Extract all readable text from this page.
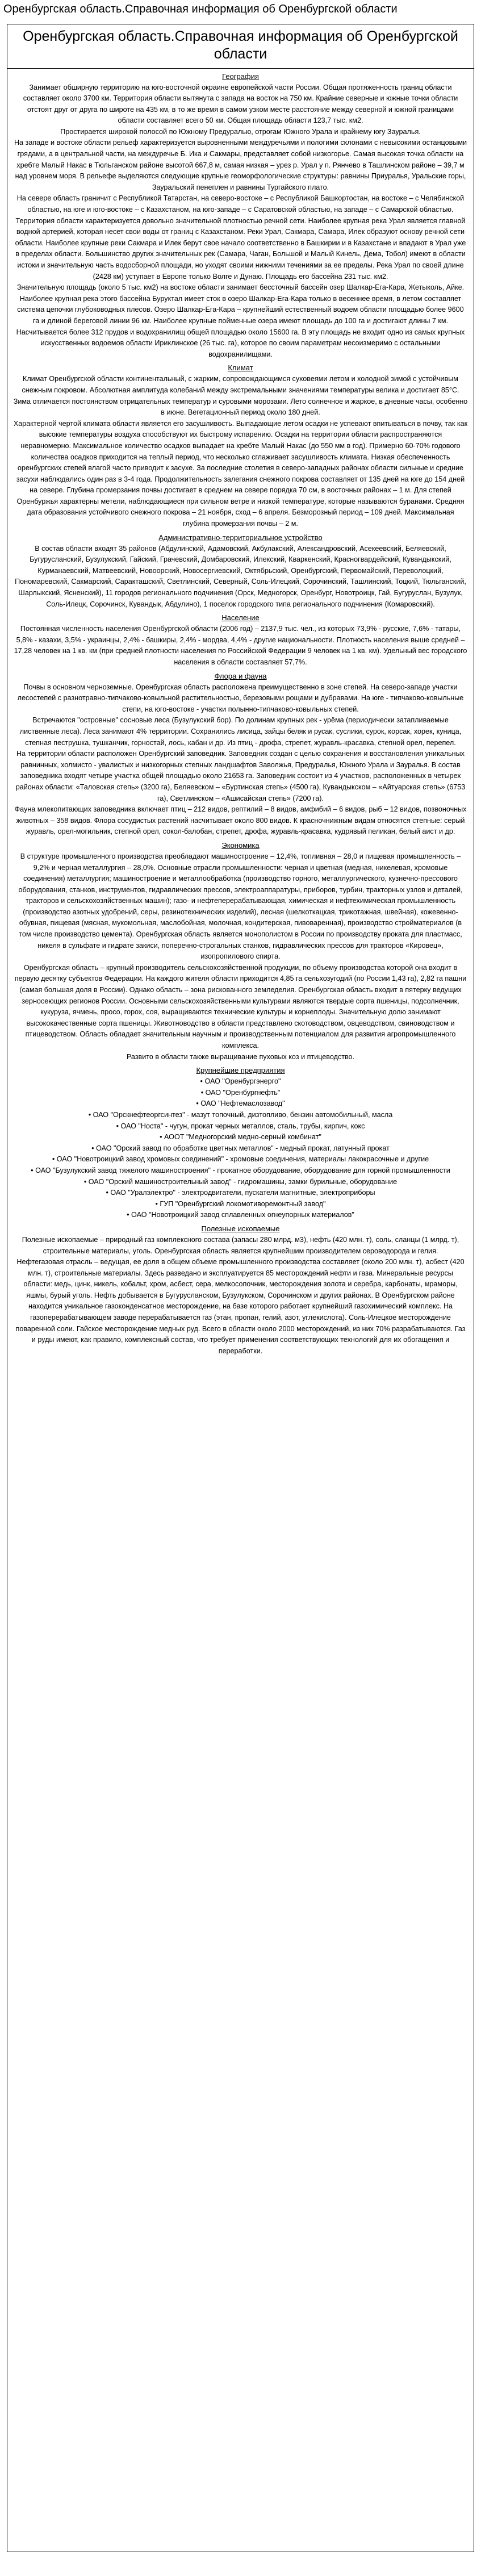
Оренбургская область.Справочная информация об Оренбургской области
Оренбургская область.Справочная информация об Оренбургской области
География

Занимает обширную территорию на юго-восточной окраине европейской части России. Общая протяженность границ области составляет около 3700 км. Территория области вытянута с запада на восток на 750 км. Крайние северные и южные точки области отстоят друг от друга по широте на 435 км, в то же время в самом узком месте расстояние между северной и южной границами области составляет всего 50 км. Общая площадь области 123,7 тыс. км2.

Простирается широкой полосой по Южному Предуралью, отрогам Южного Урала и крайнему югу Зауралья.

На западе и востоке области рельеф характеризуется выровненными междуречьями и пологими склонами с невысокими останцовыми грядами, а в центральной части, на междуречье Б. Ика и Сакмары, представляет собой низкогорье. Самая высокая точка области на хребте Малый Накас в Тюльганском районе высотой 667,8 м, самая низкая – урез р. Урал у п. Рянчево в Ташлинском районе – 39,7 м над уровнем моря. В рельефе выделяются следующие крупные геоморфологические структуры: равнины Приуралья, Уральские горы, Зауральский пенеплен и равнины Тургайского плато.

На севере область граничит с Республикой Татарстан, на северо-востоке – с Республикой Башкортостан, на востоке – с Челябинской областью, на юге и юго-востоке – с Казахстаном, на юго-западе – с Саратовской областью, на западе – с Самарской областью.

Территория области характеризуется довольно значительной плотностью речной сети. Наиболее крупная река Урал является главной водной артерией, которая несет свои воды от границ с Казахстаном. Реки Урал, Сакмара, Самара, Илек образуют основу речной сети области. Наиболее крупные реки Сакмара и Илек берут свое начало соответственно в Башкирии и в Казахстане и впадают в Урал уже в пределах области. Большинство других значительных рек (Самара, Чаган, Большой и Малый Кинель, Дема, Тобол) имеют в области истоки и значительную часть водосборной площади, но уходят своими нижними течениями за ее пределы. Река Урал по своей длине (2428 км) уступает в Европе только Волге и Дунаю. Площадь его бассейна 231 тыс. км2.

Значительную площадь (около 5 тыс. км2) на востоке области занимает бессточный бассейн озер Шалкар-Ега-Кара, Жетыколь, Айке. Наиболее крупная река этого бассейна Буруктал имеет сток в озеро Шалкар-Ега-Кара только в весеннее время, в летом составляет система цепочки глубоководных плесов. Озеро Шалкар-Ега-Кара – крупнейший естественный водоем области площадью более 9600 га и длиной береговой линии 96 км. Наиболее крупные пойменные озера имеют площадь до 100 га и достигают длины 7 км. Насчитывается более 312 прудов и водохранилищ общей площадью около 15600 га. В эту площадь не входит одно из самых крупных искусственных водоемов области Ириклинское (26 тыс. га), которое по своим параметрам несоизмеримо с остальными водохранилищами.

Климат

Климат Оренбургской области континентальный, с жарким, сопровождающимся суховеями летом и холодной зимой с устойчивым снежным покровом. Абсолютная амплитуда колебаний между экстремальными значениями температуры велика и достигает 85°С. Зима отличается постоянством отрицательных температур и суровыми морозами. Лето солнечное и жаркое, в дневные часы, особенно в июне. Вегетационный период около 180 дней.

Характерной чертой климата области является его засушливость. Выпадающие летом осадки не успевают впитываться в почву, так как высокие температуры воздуха способствуют их быстрому испарению. Осадки на территории области распространяются неравномерно. Максимальное количество осадков выпадает на хребте Малый Накас (до 550 мм в год). Примерно 60-70% годового количества осадков приходится на теплый период, что несколько сглаживает засушливость климата. Низкая обеспеченность оренбургских степей влагой часто приводит к засухе. За последние столетия в северо-западных районах области сильные и средние засухи наблюдались один раз в 3-4 года. Продолжительность залегания снежного покрова составляет от 135 дней на юге до 154 дней на севере. Глубина промерзания почвы достигает в среднем на севере порядка 70 см, в восточных районах – 1 м. Для степей Оренбуржья характерны метели, наблюдающиеся при сильном ветре и низкой температуре, которые называются буранами. Средняя дата образования устойчивого снежного покрова – 21 ноября, сход – 6 апреля. Безморозный период – 109 дней. Максимальная глубина промерзания почвы – 2 м.

Административно-территориальное устройство

В состав области входят 35 районов (Абдулинский, Адамовский, Акбулакский, Александровский, Асекеевский, Беляевский, Бугурусланский, Бузулукский, Гайский, Грачевский, Домбаровский, Илекский, Кваркенский, Красногвардейский, Кувандыкский, Курманаевский, Матвеевский, Новоорский, Новосергиевский, Октябрьский, Оренбургский, Первомайский, Переволоцкий, Пономаревский, Сакмарский, Саракташский, Светлинский, Северный, Соль-Илецкий, Сорочинский, Ташлинский, Тоцкий, Тюльганский, Шарлыкский, Ясненский), 11 городов регионального подчинения (Орск, Медногорск, Оренбург, Новотроицк, Гай, Бугуруслан, Бузулук, Соль-Илецк, Сорочинск, Кувандык, Абдулино), 1 поселок городского типа регионального подчинения (Комаровский).

Население

Постоянная численность населения Оренбургской области (2006 год) – 2137,9 тыс. чел., из которых 73,9% - русские, 7,6% - татары, 5,8% - казахи, 3,5% - украинцы, 2,4% - башкиры, 2,4% - мордва, 4,4% - другие национальности. Плотность населения выше средней – 17,28 человек на 1 кв. км (при средней плотности населения по Российской Федерации 9 человек на 1 кв. км). Удельный вес городского населения в области составляет 57,7%.

Флора и фауна

Почвы в основном черноземные. Оренбургская область расположена преимущественно в зоне степей. На северо-западе участки лесостепей с разнотравно-типчаково-ковыльной растительностью, березовыми рощами и дубравами. На юге - типчаково-ковыльные степи, на юго-востоке - участки полынно-типчаково-ковыльных степей.

Встречаются "островные" сосновые леса (Бузулукский бор). По долинам крупных рек - урёма (периодически затапливаемые лиственные леса). Леса занимают 4% территории. Сохранились лисица, зайцы беляк и русак, суслики, сурок, корсак, хорек, куница, степная пеструшка, тушканчик, горностай, лось, кабан и др. Из птиц - дрофа, стрепет, журавль-красавка, степной орел, перепел.

На территории области расположен Оренбургский заповедник. Заповедник создан с целью сохранения и восстановления уникальных равнинных, холмисто - увалистых и низкогорных степных ландшафтов Заволжья, Предуралья, Южного Урала и Зауралья. В состав заповедника входят четыре участка общей площадью около 21653 га. Заповедник состоит из 4 участков, расположенных в четырех районах области: «Таловская степь» (3200 га), Беляевском – «Буртинская степь» (4500 га), Кувандыкском – «Айтуарская степь» (6753 га), Светлинском – «Ашисайская степь» (7200 га).

Фауна млекопитающих заповедника включает птиц – 212 видов, рептилий – 8 видов, амфибий – 6 видов, рыб – 12 видов, позвоночных животных – 358 видов. Флора сосудистых растений насчитывает около 800 видов. К красночнижным видам относятся степные: серый журавль, орел-могильник, степной орел, сокол-балобан, стрепет, дрофа, журавль-красавка, кудрявый пеликан, белый аист и др.

Экономика

В структуре промышленного производства преобладают машиностроение – 12,4%, топливная – 28,0 и пищевая промышленность – 9,2% и черная металлургия – 28,0%. Основные отрасли промышленности: черная и цветная (медная, никелевая, хромовые соединения) металлургия; машиностроение и металлообработка (производство горного, металлургического, кузнечно-прессового оборудования, станков, инструментов, гидравлических прессов, электроаппаратуры, приборов, турбин, тракторных узлов и деталей, тракторов и сельскохозяйственных машин); газо- и нефтеперерабатывающая, химическая и нефтехимическая промышленность (производство азотных удобрений, серы, резинотехнических изделий), лесная (шелкоткацкая, трикотажная, швейная), кожевенно-обувная, пищевая (мясная, мукомольная, маслобойная, молочная, кондитерская, пивоваренная), производство стройматериалов (в том числе производство цемента). Оренбургская область является монополистом в России по производству проката для пластмасс, никеля в сульфате и гидрате закиси, поперечно-строгальных станков, гидравлических прессов для тракторов «Кировец», изопропилового спирта.

Оренбургская область – крупный производитель сельскохозяйственной продукции, по объему производства которой она входит в первую десятку субъектов Федерации. На каждого жителя области приходится 4,85 га сельхозугодий (по России 1,43 га), 2,82 га пашни (самая большая доля в России). Однако область – зона рискованного земледелия. Оренбургская область входит в пятерку ведущих зерносеющих регионов России. Основными сельскохозяйственными культурами являются твердые сорта пшеницы, подсолнечник, кукуруза, ячмень, просо, горох, соя, выращиваются технические культуры и корнеплоды. Значительную долю занимают высококачественные сорта пшеницы. Животноводство в области представлено скотоводством, овцеводством, свиноводством и птицеводством. Область обладает значительным научным и производственным потенциалом для развития агропромышленного комплекса.

Развито в области также выращивание пуховых коз и птицеводство.

Крупнейшие предприятия
• ОАО "Оренбургэнерго"
• ОАО "Оренбургнефть"
• ОАО "Нефтемаслозавод"
• ОАО "Орскнефтеоргсинтез" - мазут топочный, дизтопливо, бензин автомобильный, масла
• ОАО "Носта" - чугун, прокат черных металлов, сталь, трубы, кирпич, кокс
• АООТ "Медногорский медно-серный комбинат"
• ОАО "Орский завод по обработке цветных металлов" - медный прокат, латунный прокат
• ОАО "Новотроицкий завод хромовых соединений" - хромовые соединения, материалы лакокрасочные и другие
• ОАО "Бузулукский завод тяжелого машиностроения" - прокатное оборудование, оборудование для горной промышленности
• ОАО "Орский машиностроительный завод" - гидромашины, замки бурильные, оборудование
• ОАО "Уралэлектро" - электродвигатели, пускатели магнитные, электроприборы
• ГУП "Оренбургский локомотиворемонтный завод"
• ОАО "Новотроицкий завод сплавленных огнеупорных материалов"
Полезные ископаемые

Полезные ископаемые – природный газ комплексного состава (запасы 280 млрд. м3), нефть (420 млн. т), соль, сланцы (1 млрд. т), строительные материалы, уголь. Оренбургская область является крупнейшим производителем сероводорода и гелия.

Нефтегазовая отрасль – ведущая, ее доля в общем объеме промышленного производства составляет (около 200 млн. т), асбест (420 млн. т), строительные материалы. Здесь разведано и эксплуатируется 85 месторождений нефти и газа. Минеральные ресурсы области: медь, цинк, никель, кобальт, хром, асбест, сера, мелкосопочник, месторождения золота и серебра, карбонаты, мраморы, яшмы, бурый уголь. Нефть добывается в Бугурусланском, Бузулукском, Сорочинском и других районах. В Оренбургском районе находится уникальное газоконденсатное месторождение, на базе которого работает крупнейший газохимический комплекс. На газоперерабатывающем заводе перерабатывается газ (этан, пропан, гелий, азот, углекислота). Соль-Илецкое месторождение поваренной соли. Гайское месторождение медных руд. Всего в области около 2000 месторождений, из них 70% разрабатываются. Газ и руды имеют, как правило, комплексный состав, что требует применения соответствующих технологий для их обогащения и переработки.
